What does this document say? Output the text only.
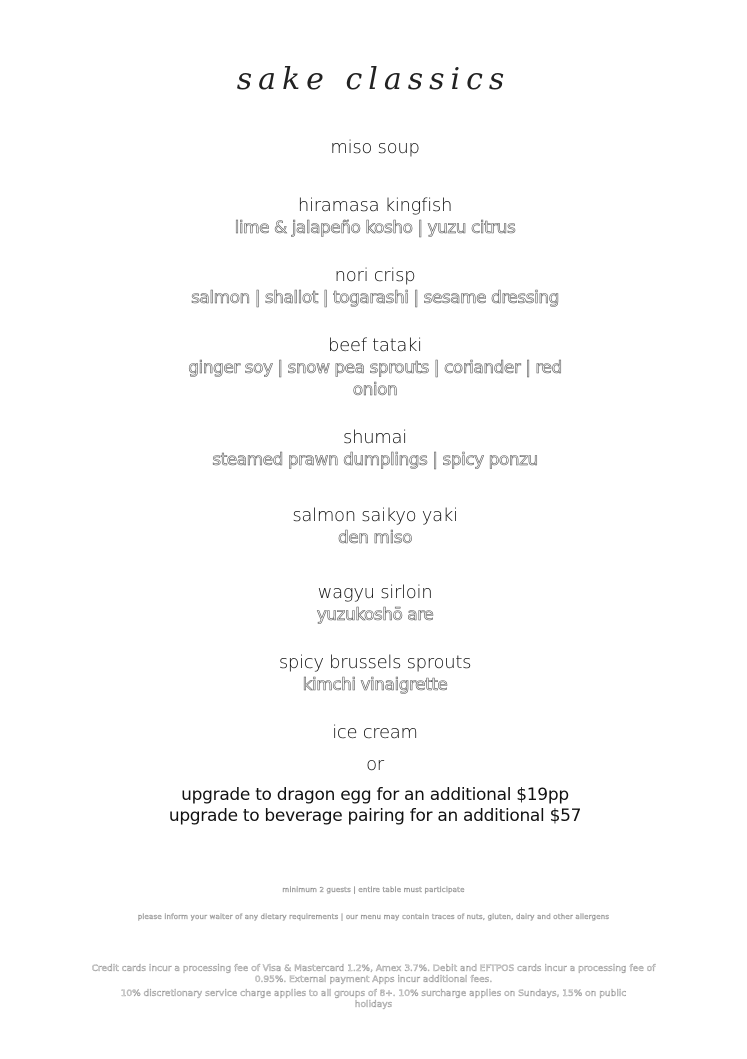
sake classics
miso soup
hiramasa kingfish
lime & jalapeño kosho | yuzu citrus
nori crisp
salmon | shallot | togarashi | sesame dressing
beef tataki
ginger soy | snow pea sprouts | coriander | red onion
shumai
steamed prawn dumplings | spicy ponzu
salmon saikyo yaki
den miso
wagyu sirloin
yuzukoshō are
spicy brussels sprouts
kimchi vinaigrette
ice cream
or
upgrade to dragon egg for an additional $19pp
upgrade to beverage pairing for an additional $57
minimum 2 guests | entire table must participate
please inform your waiter of any dietary requirements | our menu may contain traces of nuts, gluten, dairy and other allergens
Credit cards incur a processing fee of Visa & Mastercard 1.2%, Amex 3.7%. Debit and EFTPOS cards incur a processing fee of 0.95%. External payment Apps incur additional fees.
10% discretionary service charge applies to all groups of 8+. 10% surcharge applies on Sundays, 15% on public holidays
